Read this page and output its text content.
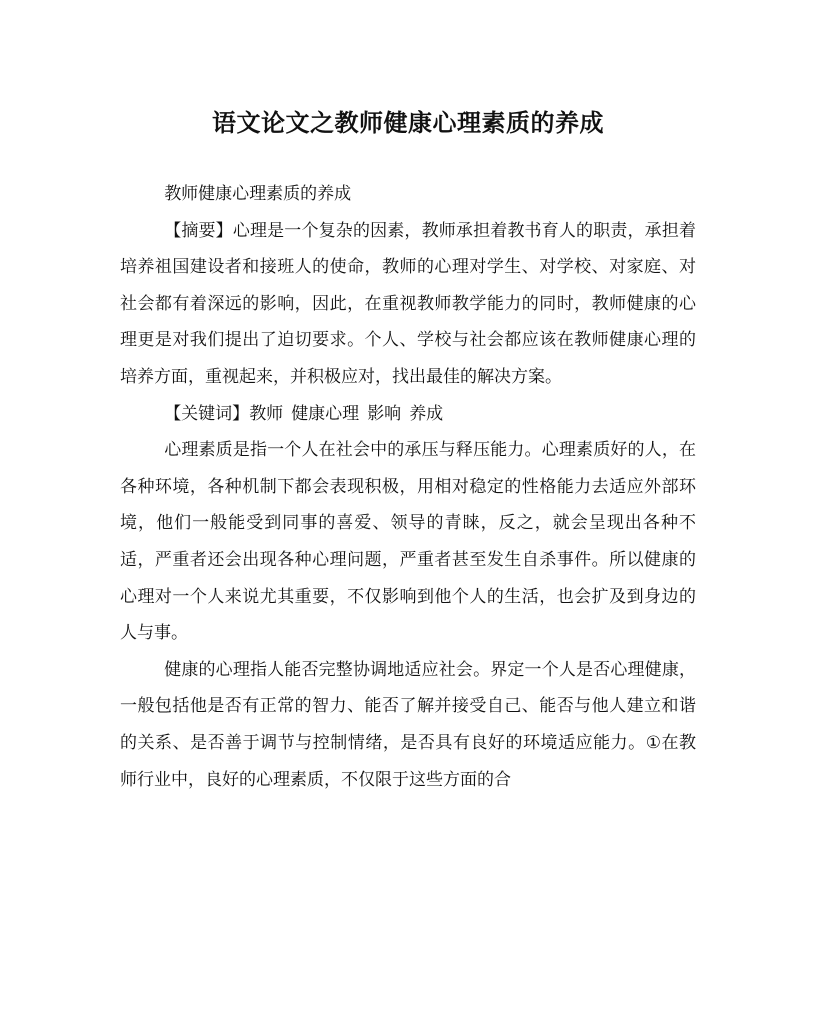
语文论文之教师健康心理素质的养成

教师健康心理素质的养成

【摘要】心理是一个复杂的因素，教师承担着教书育人的职责，承担着培养祖国建设者和接班人的使命，教师的心理对学生、对学校、对家庭、对社会都有着深远的影响，因此，在重视教师教学能力的同时，教师健康的心理更是对我们提出了迫切要求。个人、学校与社会都应该在教师健康心理的培养方面，重视起来，并积极应对，找出最佳的解决方案。

【关键词】教师 健康心理 影响 养成

心理素质是指一个人在社会中的承压与释压能力。心理素质好的人，在各种环境，各种机制下都会表现积极，用相对稳定的性格能力去适应外部环境，他们一般能受到同事的喜爱、领导的青睐，反之，就会呈现出各种不适，严重者还会出现各种心理问题，严重者甚至发生自杀事件。所以健康的心理对一个人来说尤其重要，不仅影响到他个人的生活，也会扩及到身边的人与事。

健康的心理指人能否完整协调地适应社会。界定一个人是否心理健康，一般包括他是否有正常的智力、能否了解并接受自己、能否与他人建立和谐的关系、是否善于调节与控制情绪，是否具有良好的环境适应能力。①在教师行业中，良好的心理素质，不仅限于这些方面的合
